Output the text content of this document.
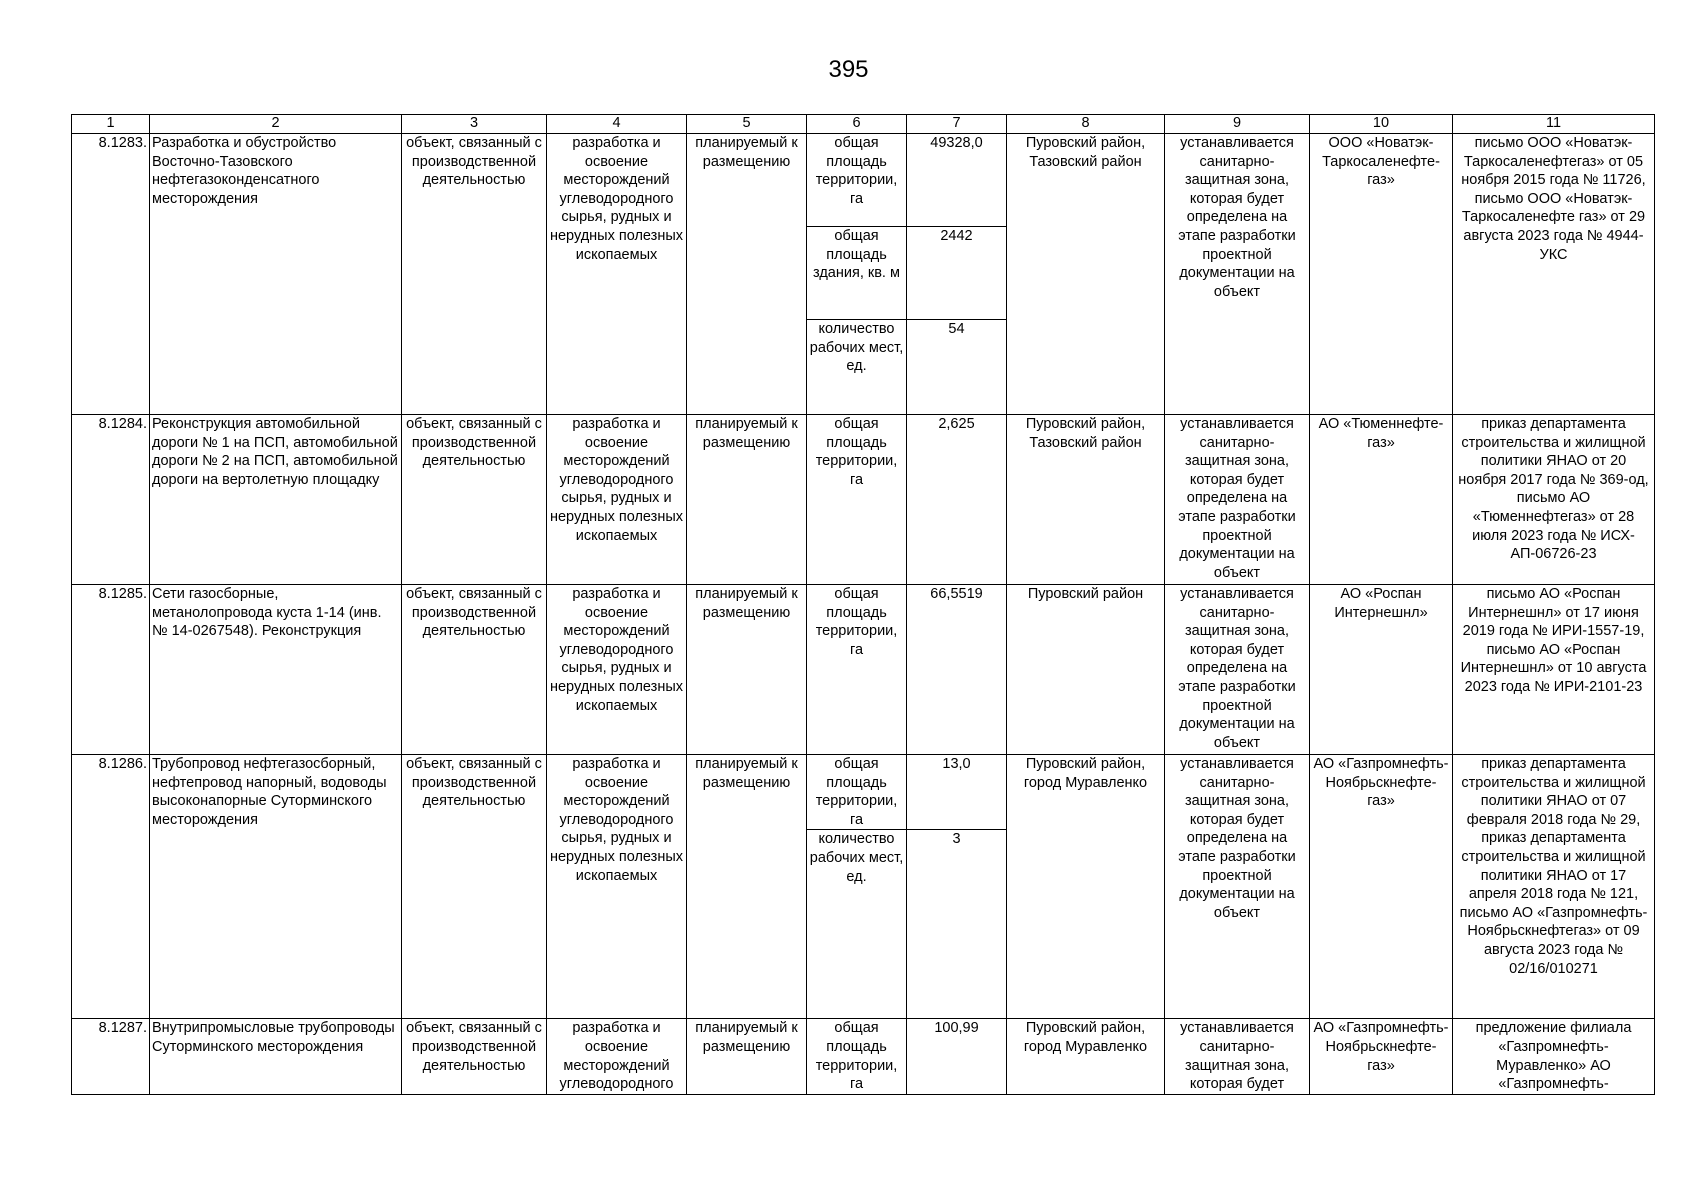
395
1	2	3	4	5	6	7	8	9	10	11
8.1283.	Разработка и обустройство Восточно-Тазовского нефтегазоконденсатного месторождения	объект, связанный с производственной деятельностью	разработка и освоение месторождений углеводородного сырья, рудных и нерудных полезных ископаемых	планируемый к размещению	общая площадь территории, га	49328,0	Пуровский район, Тазовский район	устанавливается санитарно-защитная зона, которая будет определена на этапе разработки проектной документации на объект	ООО «Новатэк-Таркосаленефте-газ»	письмо ООО «Новатэк-Таркосаленефтегаз» от 05 ноября 2015 года № 11726, письмо ООО «Новатэк-Таркосаленефте газ» от 29 августа 2023 года № 4944-УКС
					общая площадь здания, кв. м	2442				
					количество рабочих мест, ед.	54				
8.1284.	Реконструкция автомобильной дороги № 1 на ПСП, автомобильной дороги № 2 на ПСП, автомобильной дороги на вертолетную площадку	объект, связанный с производственной деятельностью	разработка и освоение месторождений углеводородного сырья, рудных и нерудных полезных ископаемых	планируемый к размещению	общая площадь территории, га	2,625	Пуровский район, Тазовский район	устанавливается санитарно-защитная зона, которая будет определена на этапе разработки проектной документации на объект	АО «Тюменнефте-газ»	приказ департамента строительства и жилищной политики ЯНАО от 20 ноября 2017 года № 369-од, письмо АО «Тюменнефтегаз» от 28 июля 2023 года № ИСХ-АП-06726-23
8.1285.	Сети газосборные, метанолопровода куста 1-14 (инв. № 14-0267548). Реконструкция	объект, связанный с производственной деятельностью	разработка и освоение месторождений углеводородного сырья, рудных и нерудных полезных ископаемых	планируемый к размещению	общая площадь территории, га	66,5519	Пуровский район	устанавливается санитарно-защитная зона, которая будет определена на этапе разработки проектной документации на объект	АО «Роспан Интернешнл»	письмо АО «Роспан Интернешнл» от 17 июня 2019 года № ИРИ-1557-19, письмо АО «Роспан Интернешнл» от 10 августа 2023 года № ИРИ-2101-23
8.1286.	Трубопровод нефтегазосборный, нефтепровод напорный, водоводы высоконапорные Суторминского месторождения	объект, связанный с производственной деятельностью	разработка и освоение месторождений углеводородного сырья, рудных и нерудных полезных ископаемых	планируемый к размещению	общая площадь территории, га	13,0	Пуровский район, город Муравленко	устанавливается санитарно-защитная зона, которая будет определена на этапе разработки проектной документации на объект	АО «Газпромнефть-Ноябрьскнефте-газ»	приказ департамента строительства и жилищной политики ЯНАО от 07 февраля 2018 года № 29, приказ департамента строительства и жилищной политики ЯНАО от 17 апреля 2018 года № 121, письмо АО «Газпромнефть-Ноябрьскнефтегаз» от 09 августа 2023 года № 02/16/010271
					количество рабочих мест, ед.	3				
8.1287.	Внутрипромысловые трубопроводы Суторминского месторождения	объект, связанный с производственной деятельностью	разработка и освоение месторождений углеводородного	планируемый к размещению	общая площадь территории, га	100,99	Пуровский район, город Муравленко	устанавливается санитарно-защитная зона, которая будет	АО «Газпромнефть-Ноябрьскнефте-газ»	предложение филиала «Газпромнефть-Муравленко» АО «Газпромнефть-
